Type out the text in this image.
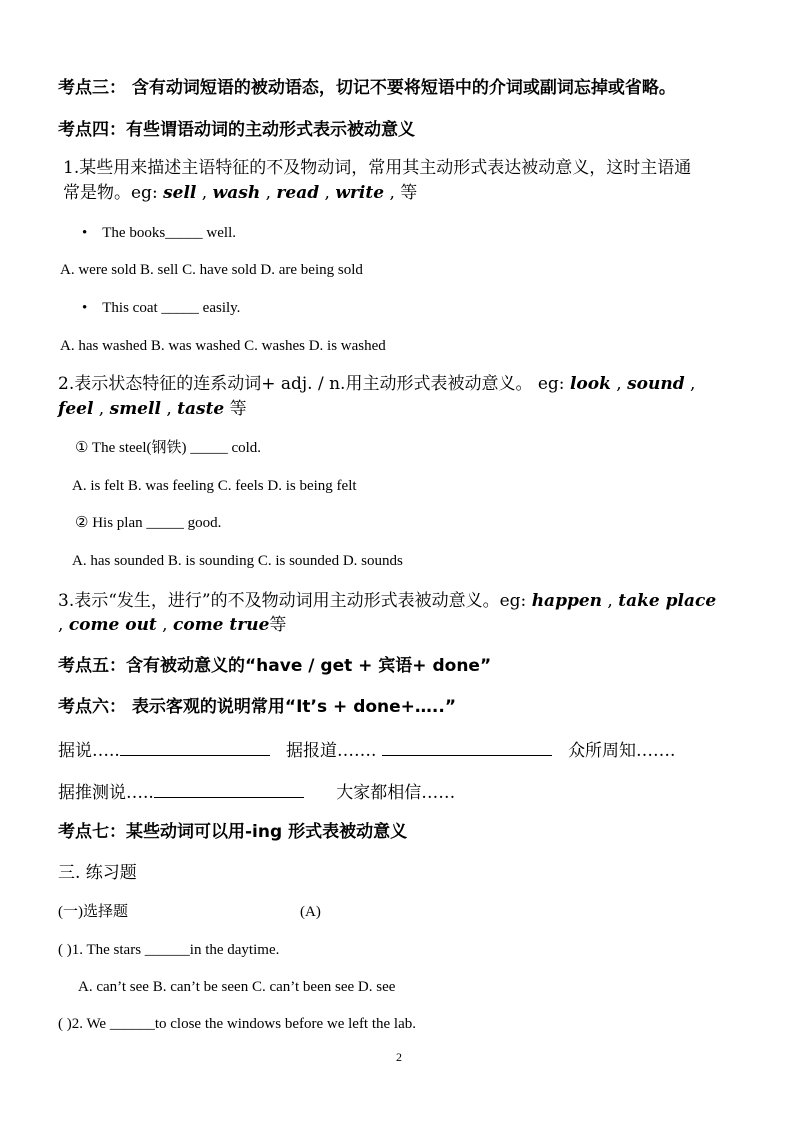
考点三： 含有动词短语的被动语态，切记不要将短语中的介词或副词忘掉或省略。
考点四：有些谓语动词的主动形式表示被动意义
1.某些用来描述主语特征的不及物动词，常用其主动形式表达被动意义，这时主语通
常是物。eg: sell , wash , read , write , 等
•    The books_____ well.
A. were sold B. sell C. have sold D. are being sold
•    This coat _____ easily.
A. has washed B. was washed C. washes D. is washed
2.表示状态特征的连系动词+ adj. / n.用主动形式表被动意义。 eg: look , sound ,
feel , smell , taste 等
① The steel(钢铁) _____ cold.
A. is felt B. was feeling C. feels D. is being felt
② His plan _____ good.
A. has sounded B. is sounding C. is sounded D. sounds
3.表示“发生，进行”的不及物动词用主动形式表被动意义。eg: happen , take place
, come out , come true等
考点五：含有被动意义的“have / get + 宾语+ done”
考点六： 表示客观的说明常用“It’s + done+…..”
据说…..	据报道…….	众所周知…….
据推测说…..	大家都相信……
考点七：某些动词可以用-ing 形式表被动意义
三. 练习题
(一)选择题	(A)
( )1. The stars ______in the daytime.
A. can’t see B. can’t be seen C. can’t been see D. see
( )2. We ______to close the windows before we left the lab.
2
